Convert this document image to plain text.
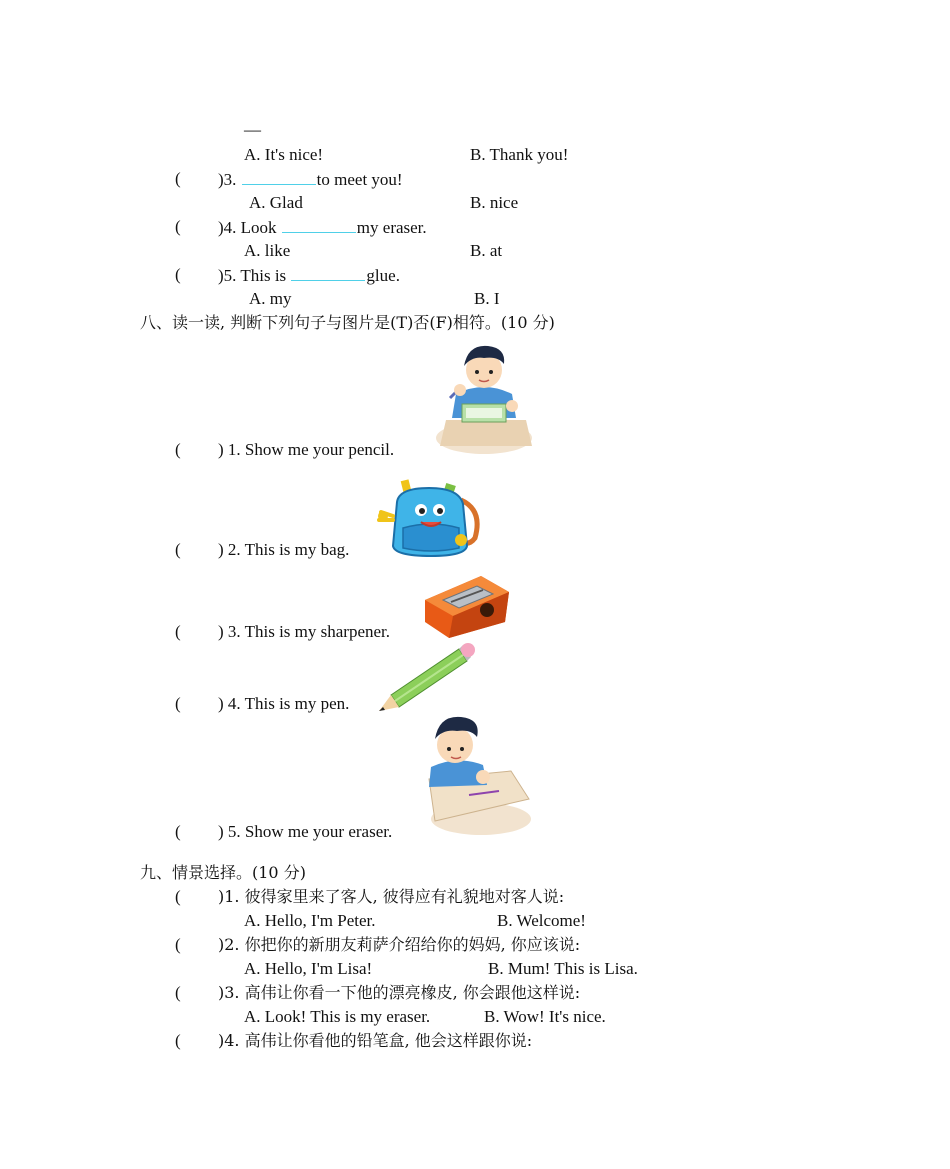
—
A. It's nice!	B. Thank you!
( )3.	to meet you!
A. Glad	B. nice
( )4. Look	my eraser.
A. like	B. at
( )5. This is	glue.
A. my	B. I
八、读一读, 判断下列句子与图片是(T)否(F)相符。(10 分)
( ) 1. Show me your pencil.
( ) 2. This is my bag.
( ) 3. This is my sharpener.
( ) 4. This is my pen.
( ) 5. Show me your eraser.
九、情景选择。(10 分)
( )1. 彼得家里来了客人, 彼得应有礼貌地对客人说:
A. Hello, I'm Peter.	B. Welcome!
( )2. 你把你的新朋友莉萨介绍给你的妈妈, 你应该说:
A. Hello, I'm Lisa!	B. Mum! This is Lisa.
( )3. 高伟让你看一下他的漂亮橡皮, 你会跟他这样说:
A. Look! This is my eraser.	B. Wow! It's nice.
( )4. 高伟让你看他的铅笔盒, 他会这样跟你说:
